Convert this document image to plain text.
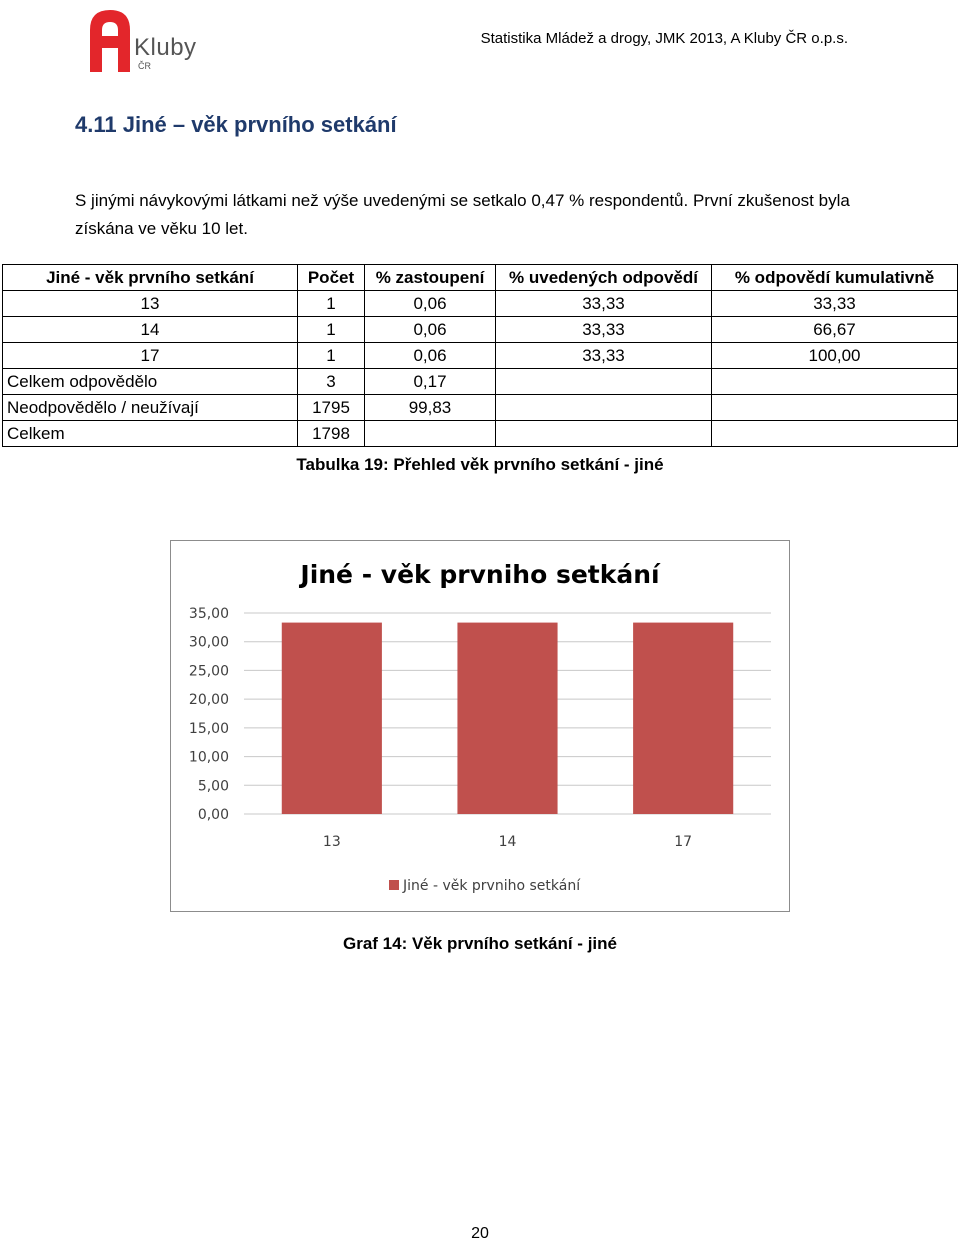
Kluby
ČR
Statistika Mládež a drogy, JMK 2013, A Kluby ČR o.p.s.
4.11 Jiné – věk prvního setkání
S jinými návykovými látkami než výše uvedenými se setkalo 0,47 % respondentů. První zkušenost byla získána ve věku 10 let.
Jiné - věk prvního setkání	Počet	% zastoupení	% uvedených odpovědí	% odpovědí kumulativně
13	1	0,06	33,33	33,33
14	1	0,06	33,33	66,67
17	1	0,06	33,33	100,00
Celkem odpovědělo	3	0,17		
Neodpovědělo / neužívají	1795	99,83		
Celkem	1798			
Tabulka 19: Přehled věk prvního setkání - jiné
Jiné - věk prvniho setkání
0,00
5,00
10,00
15,00
20,00
25,00
30,00
35,00
13	14	17
Jiné - věk prvniho setkání
Graf 14: Věk prvního setkání - jiné
20
